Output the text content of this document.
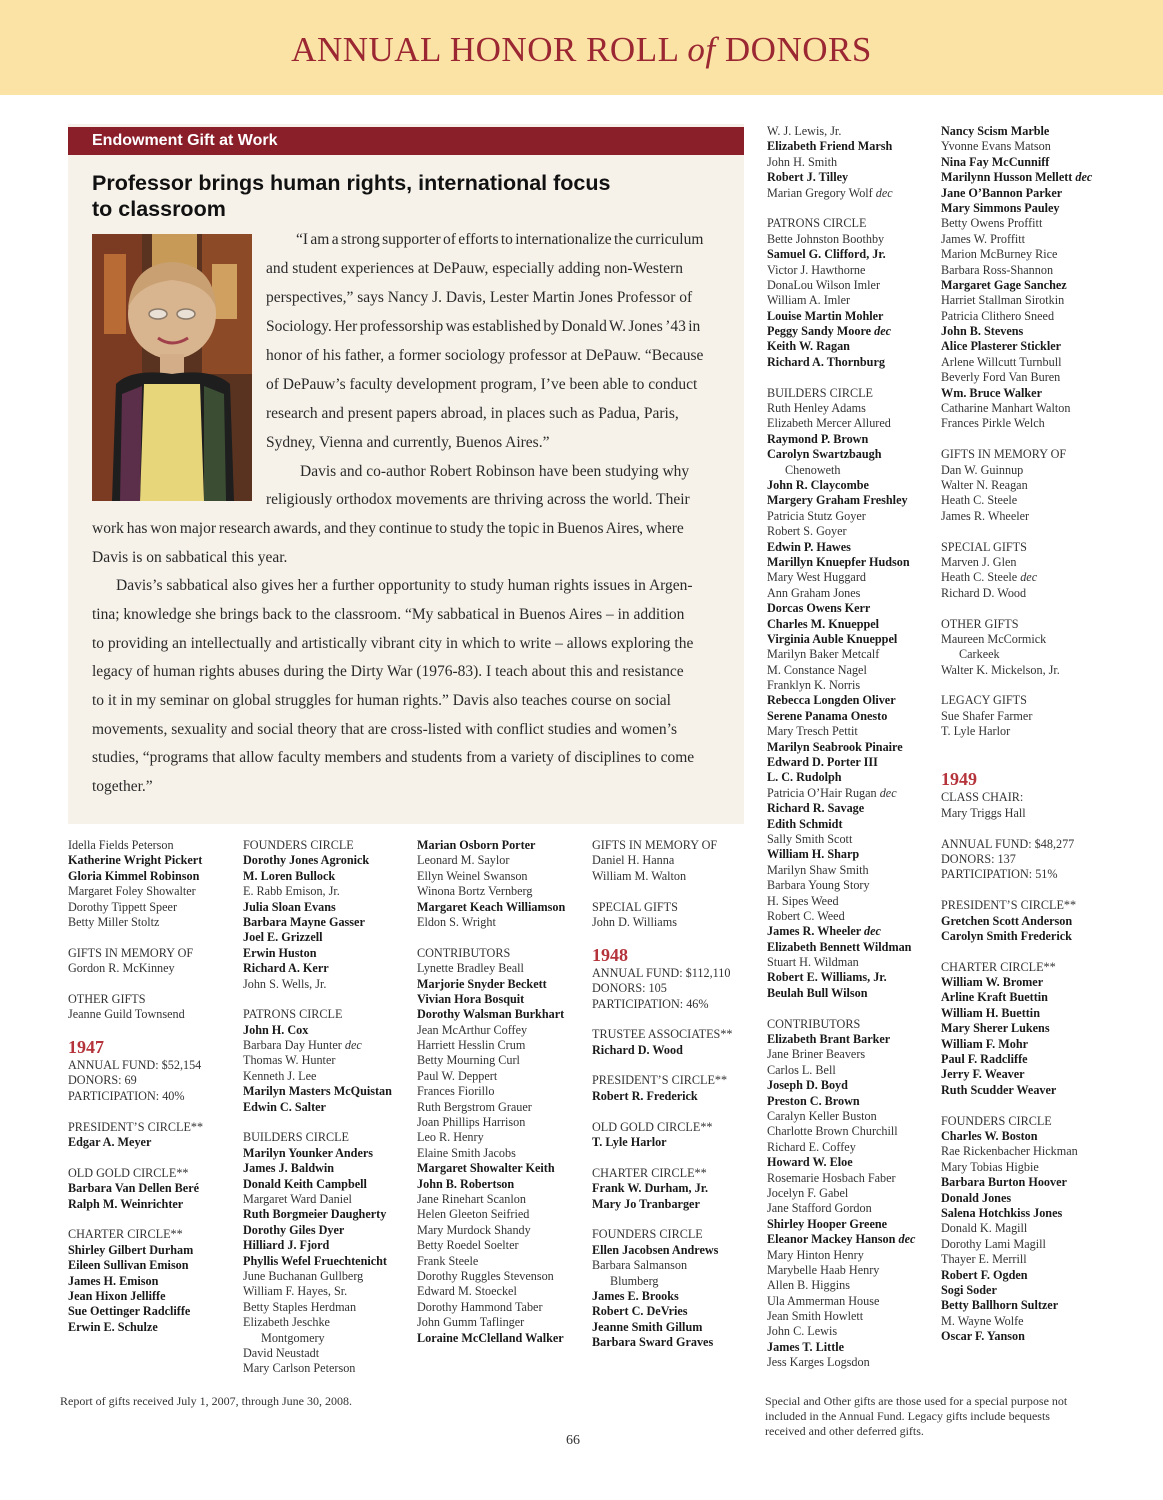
ANNUAL HONOR ROLL of DONORS
Endowment Gift at Work
Professor brings human rights, international focus
to classroom
“I am a strong supporter of efforts to internationalize the curriculum
and student experiences at DePauw, especially adding non-Western
perspectives,” says Nancy J. Davis, Lester Martin Jones Professor of
Sociology. Her professorship was established by Donald W. Jones ’43 in
honor of his father, a former sociology professor at DePauw. “Because
of DePauw’s faculty development program, I’ve been able to conduct
research and present papers abroad, in places such as Padua, Paris,
Sydney, Vienna and currently, Buenos Aires.”
Davis and co-author Robert Robinson have been studying why
religiously orthodox movements are thriving across the world. Their
work has won major research awards, and they continue to study the topic in Buenos Aires, where
Davis is on sabbatical this year.
Davis’s sabbatical also gives her a further opportunity to study human rights issues in Argen-
tina; knowledge she brings back to the classroom. “My sabbatical in Buenos Aires – in addition
to providing an intellectually and artistically vibrant city in which to write – allows exploring the
legacy of human rights abuses during the Dirty War (1976-83). I teach about this and resistance
to it in my seminar on global struggles for human rights.” Davis also teaches course on social
movements, sexuality and social theory that are cross-listed with conflict studies and women’s
studies, “programs that allow faculty members and students from a variety of disciplines to come
together.”
Idella Fields Peterson
Katherine Wright Pickert
Gloria Kimmel Robinson
Margaret Foley Showalter
Dorothy Tippett Speer
Betty Miller Stoltz

GIFTS IN MEMORY OF
Gordon R. McKinney

OTHER GIFTS
Jeanne Guild Townsend

1947
ANNUAL FUND: $52,154
DONORS: 69
PARTICIPATION: 40%

PRESIDENT’S CIRCLE**
Edgar A. Meyer

OLD GOLD CIRCLE**
Barbara Van Dellen Beré
Ralph M. Weinrichter

CHARTER CIRCLE**
Shirley Gilbert Durham
Eileen Sullivan Emison
James H. Emison
Jean Hixon Jelliffe
Sue Oettinger Radcliffe
Erwin E. Schulze
FOUNDERS CIRCLE
Dorothy Jones Agronick
M. Loren Bullock
E. Rabb Emison, Jr.
Julia Sloan Evans
Barbara Mayne Gasser
Joel E. Grizzell
Erwin Huston
Richard A. Kerr
John S. Wells, Jr.

PATRONS CIRCLE
John H. Cox
Barbara Day Hunter dec
Thomas W. Hunter
Kenneth J. Lee
Marilyn Masters McQuistan
Edwin C. Salter

BUILDERS CIRCLE
Marilyn Younker Anders
James J. Baldwin
Donald Keith Campbell
Margaret Ward Daniel
Ruth Borgmeier Daugherty
Dorothy Giles Dyer
Hilliard J. Fjord
Phyllis Wefel Fruechtenicht
June Buchanan Gullberg
William F. Hayes, Sr.
Betty Staples Herdman
Elizabeth Jeschke
Montgomery
David Neustadt
Mary Carlson Peterson
Marian Osborn Porter
Leonard M. Saylor
Ellyn Weinel Swanson
Winona Bortz Vernberg
Margaret Keach Williamson
Eldon S. Wright

CONTRIBUTORS
Lynette Bradley Beall
Marjorie Snyder Beckett
Vivian Hora Bosquit
Dorothy Walsman Burkhart
Jean McArthur Coffey
Harriett Hesslin Crum
Betty Mourning Curl
Paul W. Deppert
Frances Fiorillo
Ruth Bergstrom Grauer
Joan Phillips Harrison
Leo R. Henry
Elaine Smith Jacobs
Margaret Showalter Keith
John B. Robertson
Jane Rinehart Scanlon
Helen Gleeton Seifried
Mary Murdock Shandy
Betty Roedel Soelter
Frank Steele
Dorothy Ruggles Stevenson
Edward M. Stoeckel
Dorothy Hammond Taber
John Gumm Taflinger
Loraine McClelland Walker
GIFTS IN MEMORY OF
Daniel H. Hanna
William M. Walton

SPECIAL GIFTS
John D. Williams

1948
ANNUAL FUND: $112,110
DONORS: 105
PARTICIPATION: 46%

TRUSTEE ASSOCIATES**
Richard D. Wood

PRESIDENT’S CIRCLE**
Robert R. Frederick

OLD GOLD CIRCLE**
T. Lyle Harlor

CHARTER CIRCLE**
Frank W. Durham, Jr.
Mary Jo Tranbarger

FOUNDERS CIRCLE
Ellen Jacobsen Andrews
Barbara Salmanson
Blumberg
James E. Brooks
Robert C. DeVries
Jeanne Smith Gillum
Barbara Sward Graves
W. J. Lewis, Jr.
Elizabeth Friend Marsh
John H. Smith
Robert J. Tilley
Marian Gregory Wolf dec

PATRONS CIRCLE
Bette Johnston Boothby
Samuel G. Clifford, Jr.
Victor J. Hawthorne
DonaLou Wilson Imler
William A. Imler
Louise Martin Mohler
Peggy Sandy Moore dec
Keith W. Ragan
Richard A. Thornburg

BUILDERS CIRCLE
Ruth Henley Adams
Elizabeth Mercer Allured
Raymond P. Brown
Carolyn Swartzbaugh
Chenoweth
John R. Claycombe
Margery Graham Freshley
Patricia Stutz Goyer
Robert S. Goyer
Edwin P. Hawes
Marillyn Knuepfer Hudson
Mary West Huggard
Ann Graham Jones
Dorcas Owens Kerr
Charles M. Knueppel
Virginia Auble Knueppel
Marilyn Baker Metcalf
M. Constance Nagel
Franklyn K. Norris
Rebecca Longden Oliver
Serene Panama Onesto
Mary Tresch Pettit
Marilyn Seabrook Pinaire
Edward D. Porter III
L. C. Rudolph
Patricia O’Hair Rugan dec
Richard R. Savage
Edith Schmidt
Sally Smith Scott
William H. Sharp
Marilyn Shaw Smith
Barbara Young Story
H. Sipes Weed
Robert C. Weed
James R. Wheeler dec
Elizabeth Bennett Wildman
Stuart H. Wildman
Robert E. Williams, Jr.
Beulah Bull Wilson

CONTRIBUTORS
Elizabeth Brant Barker
Jane Briner Beavers
Carlos L. Bell
Joseph D. Boyd
Preston C. Brown
Caralyn Keller Buston
Charlotte Brown Churchill
Richard E. Coffey
Howard W. Eloe
Rosemarie Hosbach Faber
Jocelyn F. Gabel
Jane Stafford Gordon
Shirley Hooper Greene
Eleanor Mackey Hanson dec
Mary Hinton Henry
Marybelle Haab Henry
Allen B. Higgins
Ula Ammerman House
Jean Smith Howlett
John C. Lewis
James T. Little
Jess Karges Logsdon
Nancy Scism Marble
Yvonne Evans Matson
Nina Fay McCunniff
Marilynn Husson Mellett dec
Jane O’Bannon Parker
Mary Simmons Pauley
Betty Owens Proffitt
James W. Proffitt
Marion McBurney Rice
Barbara Ross-Shannon
Margaret Gage Sanchez
Harriet Stallman Sirotkin
Patricia Clithero Sneed
John B. Stevens
Alice Plasterer Stickler
Arlene Willcutt Turnbull
Beverly Ford Van Buren
Wm. Bruce Walker
Catharine Manhart Walton
Frances Pirkle Welch

GIFTS IN MEMORY OF
Dan W. Guinnup
Walter N. Reagan
Heath C. Steele
James R. Wheeler

SPECIAL GIFTS
Marven J. Glen
Heath C. Steele dec
Richard D. Wood

OTHER GIFTS
Maureen McCormick
Carkeek
Walter K. Mickelson, Jr.

LEGACY GIFTS
Sue Shafer Farmer
T. Lyle Harlor

1949
CLASS CHAIR:
Mary Triggs Hall

ANNUAL FUND: $48,277
DONORS: 137
PARTICIPATION: 51%

PRESIDENT’S CIRCLE**
Gretchen Scott Anderson
Carolyn Smith Frederick

CHARTER CIRCLE**
William W. Bromer
Arline Kraft Buettin
William H. Buettin
Mary Sherer Lukens
William F. Mohr
Paul F. Radcliffe
Jerry F. Weaver
Ruth Scudder Weaver

FOUNDERS CIRCLE
Charles W. Boston
Rae Rickenbacher Hickman
Mary Tobias Higbie
Barbara Burton Hoover
Donald Jones
Salena Hotchkiss Jones
Donald K. Magill
Dorothy Lami Magill
Thayer E. Merrill
Robert F. Ogden
Sogi Soder
Betty Ballhorn Sultzer
M. Wayne Wolfe
Oscar F. Yanson
Report of gifts received July 1, 2007, through June 30, 2008.	Special and Other gifts are those used for a special purpose not
included in the Annual Fund. Legacy gifts include bequests
received and other deferred gifts.
66
